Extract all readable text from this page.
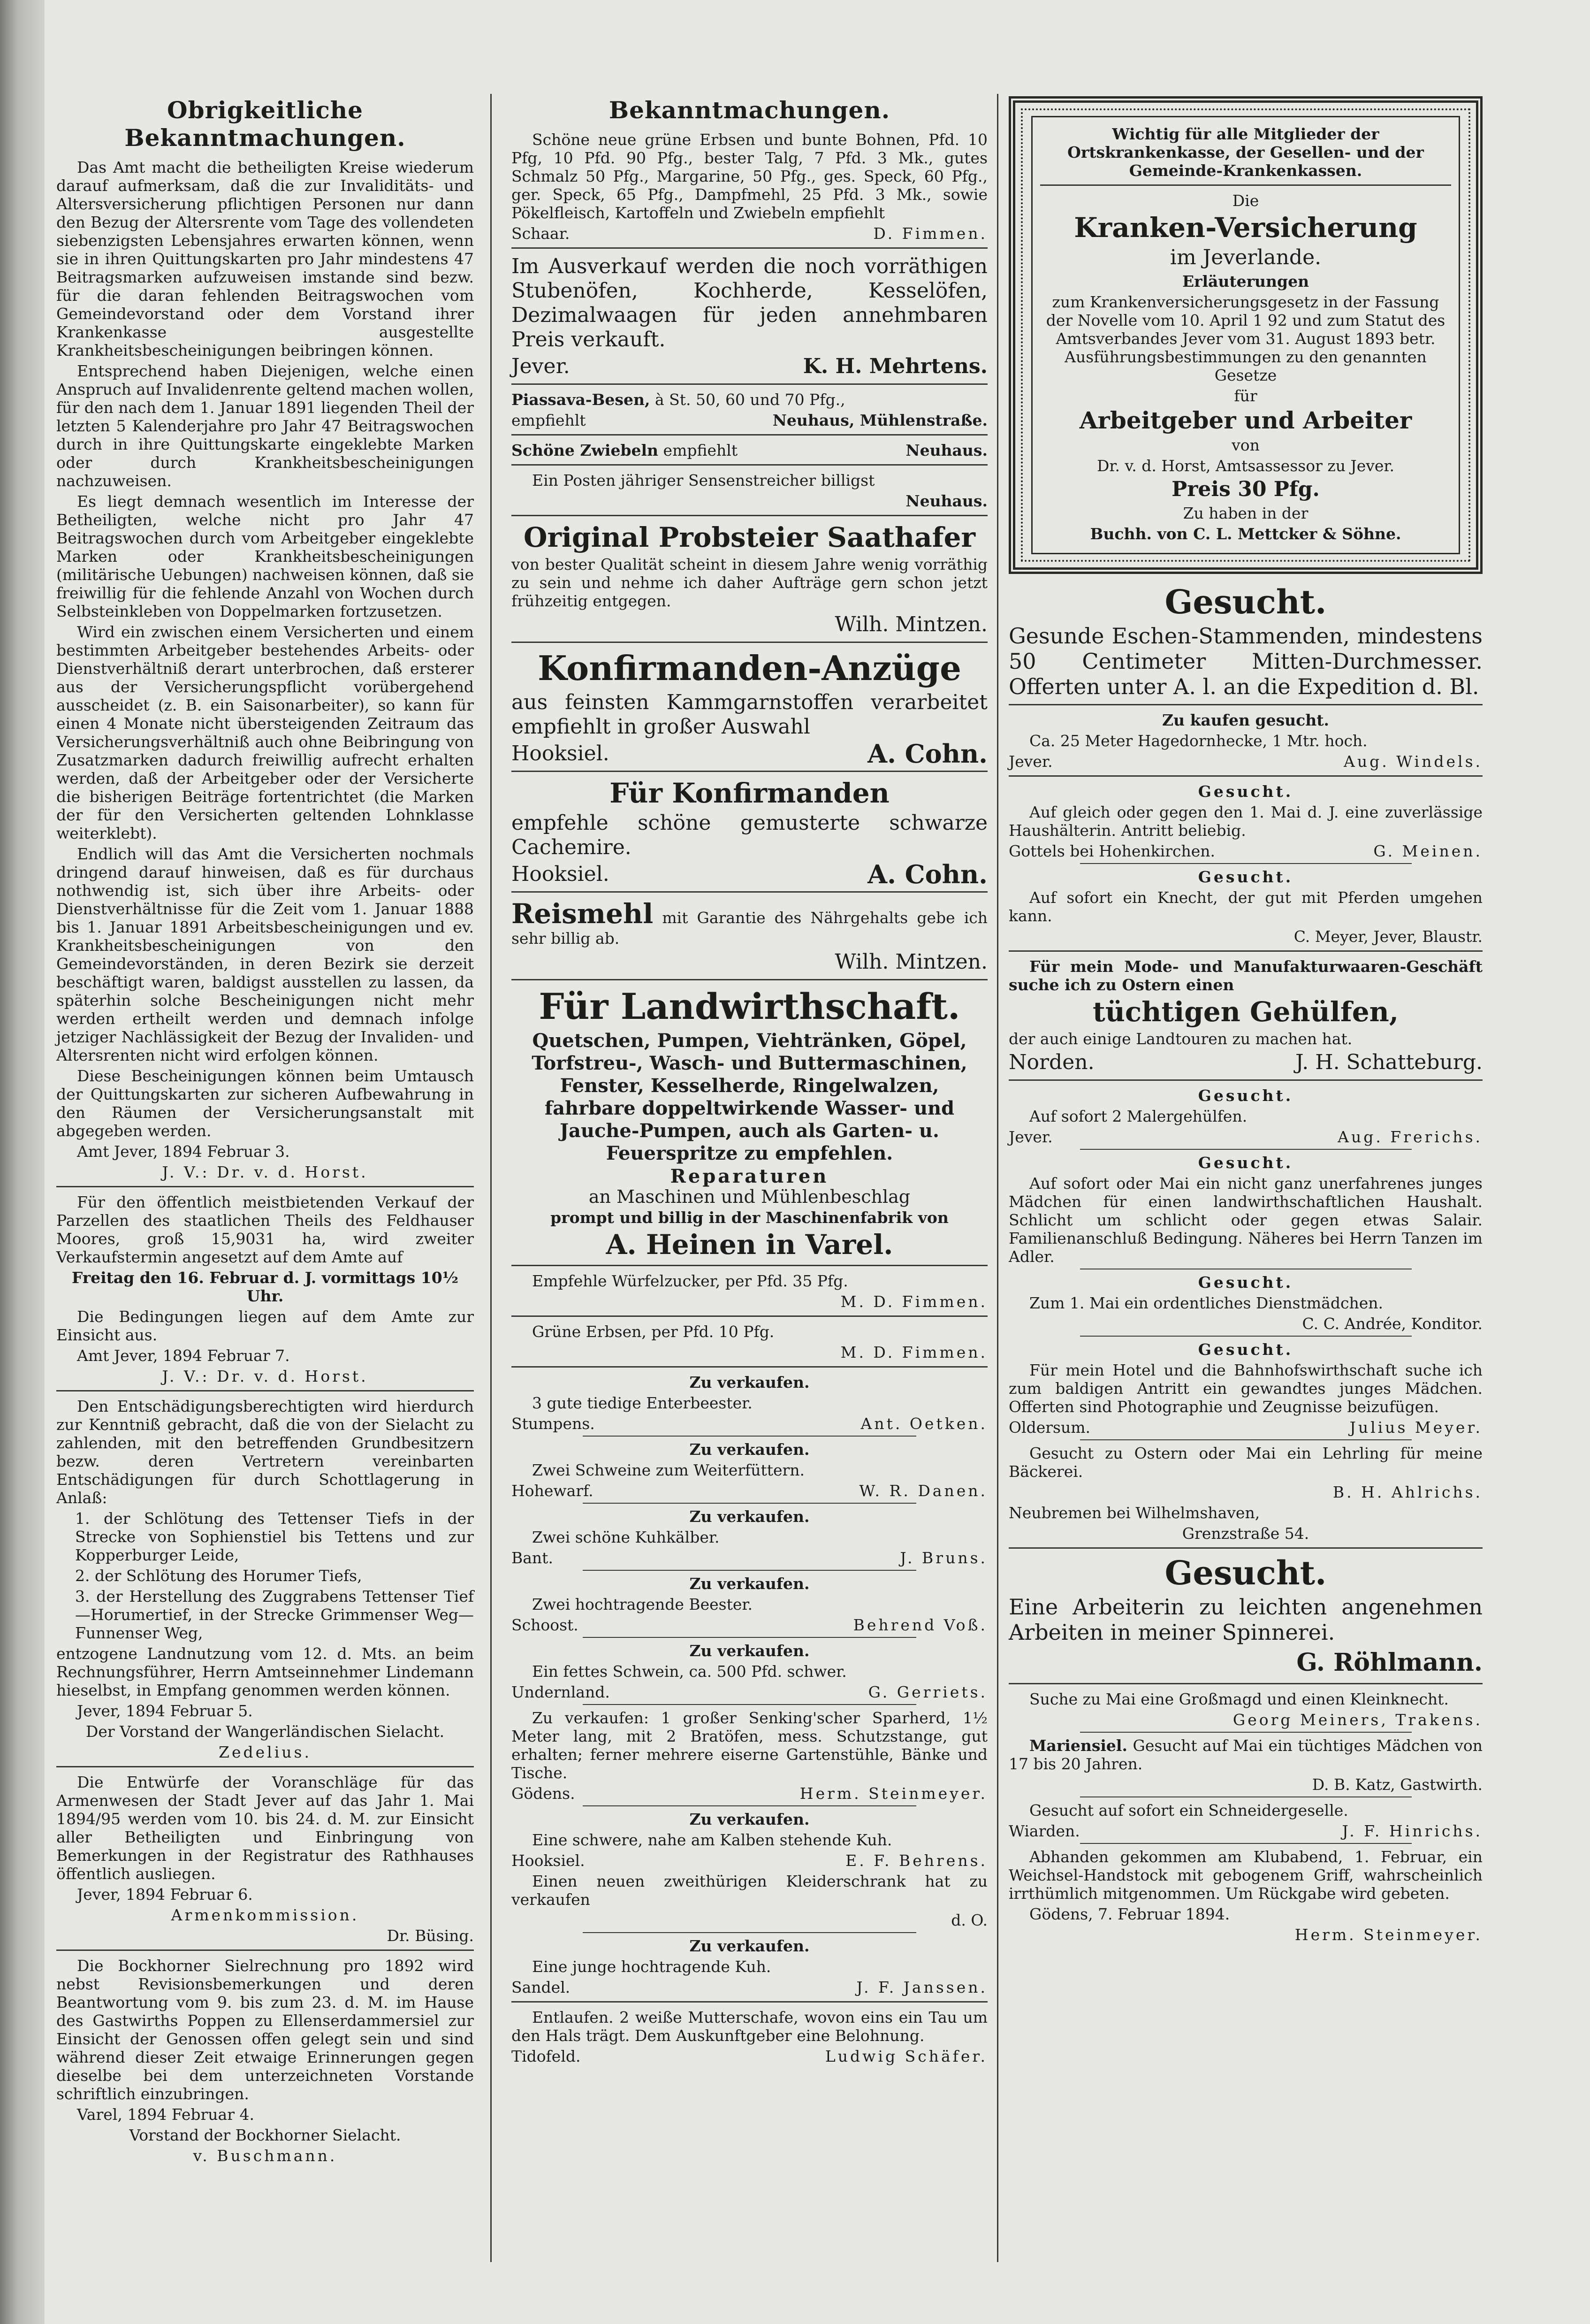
Obrigkeitliche Bekanntmachungen.

Das Amt macht die betheiligten Kreise wiederum darauf aufmerksam, daß die zur Invaliditäts- und Altersversicherung pflichtigen Personen nur dann den Bezug der Altersrente vom Tage des vollendeten siebenzigsten Lebensjahres erwarten können, wenn sie in ihren Quittungskarten pro Jahr mindestens 47 Beitragsmarken aufzuweisen imstande sind bezw. für die daran fehlenden Beitragswochen vom Gemeindevorstand oder dem Vorstand ihrer Krankenkasse ausgestellte Krankheitsbescheinigungen beibringen können.

Entsprechend haben Diejenigen, welche einen Anspruch auf Invalidenrente geltend machen wollen, für den nach dem 1. Januar 1891 liegenden Theil der letzten 5 Kalenderjahre pro Jahr 47 Beitragswochen durch in ihre Quittungskarte eingeklebte Marken oder durch Krankheitsbescheinigungen nachzuweisen.

Es liegt demnach wesentlich im Interesse der Betheiligten, welche nicht pro Jahr 47 Beitragswochen durch vom Arbeitgeber eingeklebte Marken oder Krankheitsbescheinigungen (militärische Uebungen) nachweisen können, daß sie freiwillig für die fehlende Anzahl von Wochen durch Selbsteinkleben von Doppelmarken fortzusetzen.

Wird ein zwischen einem Versicherten und einem bestimmten Arbeitgeber bestehendes Arbeits- oder Dienstverhältniß derart unterbrochen, daß ersterer aus der Versicherungspflicht vorübergehend ausscheidet (z. B. ein Saisonarbeiter), so kann für einen 4 Monate nicht übersteigenden Zeitraum das Versicherungsverhältniß auch ohne Beibringung von Zusatzmarken dadurch freiwillig aufrecht erhalten werden, daß der Arbeitgeber oder der Versicherte die bisherigen Beiträge fortentrichtet (die Marken der für den Versicherten geltenden Lohnklasse weiterklebt).

Endlich will das Amt die Versicherten nochmals dringend darauf hinweisen, daß es für durchaus nothwendig ist, sich über ihre Arbeits- oder Dienstverhältnisse für die Zeit vom 1. Januar 1888 bis 1. Januar 1891 Arbeitsbescheinigungen und ev. Krankheitsbescheinigungen von den Gemeindevorständen, in deren Bezirk sie derzeit beschäftigt waren, baldigst ausstellen zu lassen, da späterhin solche Bescheinigungen nicht mehr werden ertheilt werden und demnach infolge jetziger Nachlässigkeit der Bezug der Invaliden- und Altersrenten nicht wird erfolgen können.

Diese Bescheinigungen können beim Umtausch der Quittungskarten zur sicheren Aufbewahrung in den Räumen der Versicherungsanstalt mit abgegeben werden.

Amt Jever, 1894 Februar 3.

J. V.: Dr. v. d. Horst.

Für den öffentlich meistbietenden Verkauf der Parzellen des staatlichen Theils des Feldhauser Moores, groß 15,9031 ha, wird zweiter Verkaufstermin angesetzt auf dem Amte auf

Freitag den 16. Februar d. J. vormittags 10½ Uhr.

Die Bedingungen liegen auf dem Amte zur Einsicht aus.

Amt Jever, 1894 Februar 7.

J. V.: Dr. v. d. Horst.

Den Entschädigungsberechtigten wird hierdurch zur Kenntniß gebracht, daß die von der Sielacht zu zahlenden, mit den betreffenden Grundbesitzern bezw. deren Vertretern vereinbarten Entschädigungen für durch Schottlagerung in Anlaß:

1. der Schlötung des Tettenser Tiefs in der Strecke von Sophienstiel bis Tettens und zur Kopperburger Leide,

2. der Schlötung des Horumer Tiefs,

3. der Herstellung des Zuggrabens Tettenser Tief—Horumertief, in der Strecke Grimmenser Weg—Funnenser Weg,

entzogene Landnutzung vom 12. d. Mts. an beim Rechnungsführer, Herrn Amtseinnehmer Lindemann hieselbst, in Empfang genommen werden können.

Jever, 1894 Februar 5.

Der Vorstand der Wangerländischen Sielacht.

Zedelius.

Die Entwürfe der Voranschläge für das Armenwesen der Stadt Jever auf das Jahr 1. Mai 1894/95 werden vom 10. bis 24. d. M. zur Einsicht aller Betheiligten und Einbringung von Bemerkungen in der Registratur des Rathhauses öffentlich ausliegen.

Jever, 1894 Februar 6.

Armenkommission.

Dr. Büsing.

Die Bockhorner Sielrechnung pro 1892 wird nebst Revisionsbemerkungen und deren Beantwortung vom 9. bis zum 23. d. M. im Hause des Gastwirths Poppen zu Ellenserdammersiel zur Einsicht der Genossen offen gelegt sein und sind während dieser Zeit etwaige Erinnerungen gegen dieselbe bei dem unterzeichneten Vorstande schriftlich einzubringen.

Varel, 1894 Februar 4.

Vorstand der Bockhorner Sielacht.

v. Buschmann.

Bekanntmachungen.

Schöne neue grüne Erbsen und bunte Bohnen, Pfd. 10 Pfg, 10 Pfd. 90 Pfg., bester Talg, 7 Pfd. 3 Mk., gutes Schmalz 50 Pfg., Margarine, 50 Pfg., ges. Speck, 60 Pfg., ger. Speck, 65 Pfg., Dampfmehl, 25 Pfd. 3 Mk., sowie Pökelfleisch, Kartoffeln und Zwiebeln empfiehlt

Schaar.	D. Fimmen.

Im Ausverkauf werden die noch vorräthigen Stubenöfen, Kochherde, Kesselöfen, Dezimalwaagen für jeden annehmbaren Preis verkauft.

Jever.	K. H. Mehrtens.

Piassava-Besen, à St. 50, 60 und 70 Pfg.,

empfiehlt	Neuhaus, Mühlenstraße.
Schöne Zwiebeln empfiehlt	Neuhaus.

Ein Posten jähriger Sensenstreicher billigst

Neuhaus.

Original Probsteier Saathafer

von bester Qualität scheint in diesem Jahre wenig vorräthig zu sein und nehme ich daher Aufträge gern schon jetzt frühzeitig entgegen.

Wilh. Mintzen.

Konfirmanden-Anzüge

aus feinsten Kammgarnstoffen verarbeitet empfiehlt in großer Auswahl

Hooksiel.	A. Cohn.

Für Konfirmanden

empfehle schöne gemusterte schwarze Cachemire.

Hooksiel.	A. Cohn.

Reismehl mit Garantie des Nährgehalts gebe ich sehr billig ab.

Wilh. Mintzen.

Für Landwirthschaft.

Quetschen, Pumpen, Viehtränken, Göpel, Torfstreu-, Wasch- und Buttermaschinen, Fenster, Kesselherde, Ringelwalzen, fahrbare doppeltwirkende Wasser- und Jauche-Pumpen, auch als Garten- u. Feuerspritze zu empfehlen.

Reparaturen

an Maschinen und Mühlenbeschlag

prompt und billig in der Maschinenfabrik von

A. Heinen in Varel.

Empfehle Würfelzucker, per Pfd. 35 Pfg.

M. D. Fimmen.

Grüne Erbsen, per Pfd. 10 Pfg.

M. D. Fimmen.

Zu verkaufen.

3 gute tiedige Enterbeester.

Stumpens.	Ant. Oetken.

Zu verkaufen.

Zwei Schweine zum Weiterfüttern.

Hohewarf.	W. R. Danen.

Zu verkaufen.

Zwei schöne Kuhkälber.

Bant.	J. Bruns.

Zu verkaufen.

Zwei hochtragende Beester.

Schoost.	Behrend Voß.

Zu verkaufen.

Ein fettes Schwein, ca. 500 Pfd. schwer.

Undernland.	G. Gerriets.

Zu verkaufen: 1 großer Senking'scher Sparherd, 1½ Meter lang, mit 2 Bratöfen, mess. Schutzstange, gut erhalten; ferner mehrere eiserne Gartenstühle, Bänke und Tische.

Gödens.	Herm. Steinmeyer.

Zu verkaufen.

Eine schwere, nahe am Kalben stehende Kuh.

Hooksiel.	E. F. Behrens.

Einen neuen zweithürigen Kleiderschrank hat zu verkaufen

d. O.

Zu verkaufen.

Eine junge hochtragende Kuh.

Sandel.	J. F. Janssen.

Entlaufen. 2 weiße Mutterschafe, wovon eins ein Tau um den Hals trägt. Dem Auskunftgeber eine Belohnung.

Tidofeld.	Ludwig Schäfer.

Wichtig für alle Mitglieder der Ortskrankenkasse, der Gesellen- und der Gemeinde-Krankenkassen.

Die

Kranken-Versicherung

im Jeverlande.

Erläuterungen

zum Krankenversicherungsgesetz in der Fassung der Novelle vom 10. April 1 92 und zum Statut des Amtsverbandes Jever vom 31. August 1893 betr. Ausführungsbestimmungen zu den genannten Gesetze

für

Arbeitgeber und Arbeiter

von

Dr. v. d. Horst, Amtsassessor zu Jever.

Preis 30 Pfg.

Zu haben in der

Buchh. von C. L. Mettcker & Söhne.

Gesucht.

Gesunde Eschen-Stammenden, mindestens 50 Centimeter Mitten-Durchmesser. Offerten unter A. l. an die Expedition d. Bl.

Zu kaufen gesucht.

Ca. 25 Meter Hagedornhecke, 1 Mtr. hoch.

Jever.	Aug. Windels.

Gesucht.

Auf gleich oder gegen den 1. Mai d. J. eine zuverlässige Haushälterin. Antritt beliebig.

Gottels bei Hohenkirchen.	G. Meinen.

Gesucht.

Auf sofort ein Knecht, der gut mit Pferden umgehen kann.

C. Meyer, Jever, Blaustr.

Für mein Mode- und Manufakturwaaren-Geschäft suche ich zu Ostern einen

tüchtigen Gehülfen,

der auch einige Landtouren zu machen hat.

Norden.	J. H. Schatteburg.

Gesucht.

Auf sofort 2 Malergehülfen.

Jever.	Aug. Frerichs.

Gesucht.

Auf sofort oder Mai ein nicht ganz unerfahrenes junges Mädchen für einen landwirthschaftlichen Haushalt. Schlicht um schlicht oder gegen etwas Salair. Familienanschluß Bedingung. Näheres bei Herrn Tanzen im Adler.

Gesucht.

Zum 1. Mai ein ordentliches Dienstmädchen.

C. C. Andrée, Konditor.

Gesucht.

Für mein Hotel und die Bahnhofswirthschaft suche ich zum baldigen Antritt ein gewandtes junges Mädchen. Offerten sind Photographie und Zeugnisse beizufügen.

Oldersum.	Julius Meyer.

Gesucht zu Ostern oder Mai ein Lehrling für meine Bäckerei.

B. H. Ahlrichs.

Neubremen bei Wilhelmshaven,

Grenzstraße 54.

Gesucht.

Eine Arbeiterin zu leichten angenehmen Arbeiten in meiner Spinnerei.

G. Röhlmann.

Suche zu Mai eine Großmagd und einen Kleinknecht.

Georg Meiners, Trakens.

Mariensiel. Gesucht auf Mai ein tüchtiges Mädchen von 17 bis 20 Jahren.

D. B. Katz, Gastwirth.

Gesucht auf sofort ein Schneidergeselle.

Wiarden.	J. F. Hinrichs.

Abhanden gekommen am Klubabend, 1. Februar, ein Weichsel-Handstock mit gebogenem Griff, wahrscheinlich irrthümlich mitgenommen. Um Rückgabe wird gebeten.

Gödens, 7. Februar 1894.

Herm. Steinmeyer.
